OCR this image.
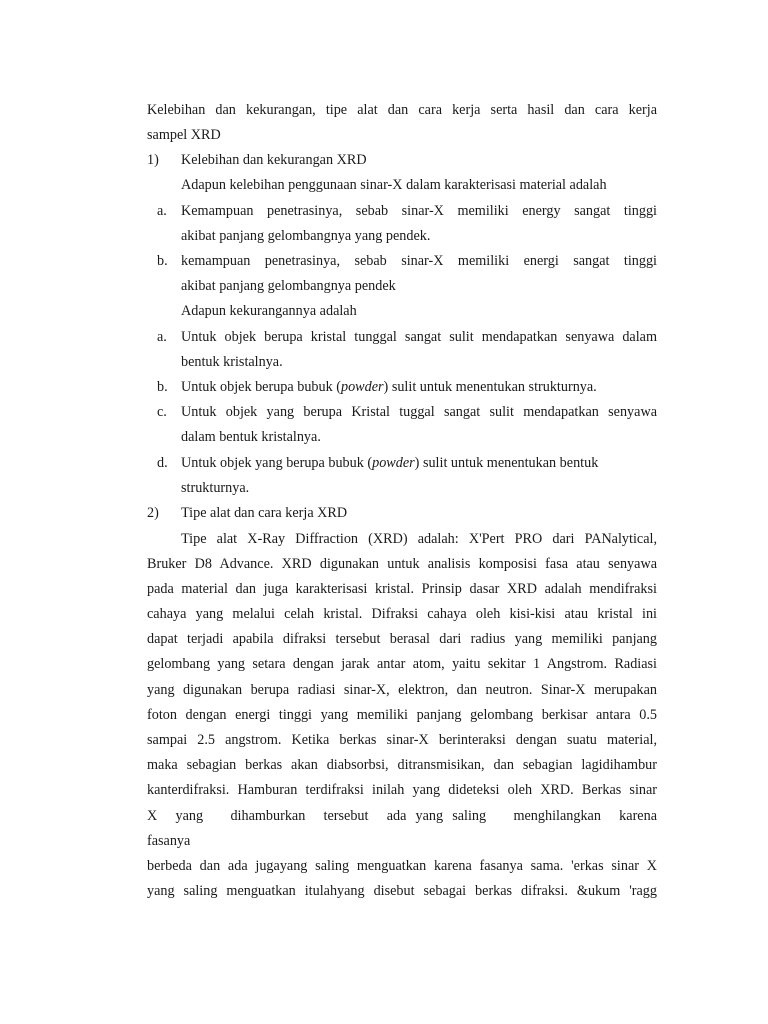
Kelebihan dan kekurangan, tipe alat dan cara kerja serta hasil dan cara kerja
sampel XRD
1) Kelebihan dan kekurangan XRD
Adapun kelebihan penggunaan sinar-X dalam karakterisasi material adalah
a. Kemampuan penetrasinya, sebab sinar-X memiliki energy sangat tinggi
akibat panjang gelombangnya yang pendek.
b. kemampuan penetrasinya, sebab sinar-X memiliki energi sangat tinggi
akibat panjang gelombangnya pendek
Adapun kekurangannya adalah
a. Untuk objek berupa kristal tunggal sangat sulit mendapatkan senyawa dalam
bentuk kristalnya.
b. Untuk objek berupa bubuk (powder) sulit untuk menentukan strukturnya.
c. Untuk objek yang berupa Kristal tuggal sangat sulit mendapatkan senyawa
dalam bentuk kristalnya.
d. Untuk objek yang berupa bubuk (powder) sulit untuk menentukan bentuk
strukturnya.
2) Tipe alat dan cara kerja XRD
Tipe alat X-Ray Diffraction (XRD) adalah: X'Pert PRO dari PANalytical,
Bruker D8 Advance. XRD digunakan untuk analisis komposisi fasa atau senyawa
pada material dan juga karakterisasi kristal. Prinsip dasar XRD adalah mendifraksi
cahaya yang melalui celah kristal. Difraksi cahaya oleh kisi-kisi atau kristal ini
dapat terjadi apabila difraksi tersebut berasal dari radius yang memiliki panjang
gelombang yang setara dengan jarak antar atom, yaitu sekitar 1 Angstrom. Radiasi
yang digunakan berupa radiasi sinar-X, elektron, dan neutron. Sinar-X merupakan
foton dengan energi tinggi yang memiliki panjang gelombang berkisar antara 0.5
sampai 2.5 angstrom. Ketika berkas sinar-X berinteraksi dengan suatu material,
maka sebagian berkas akan diabsorbsi, ditransmisikan, dan sebagian lagidihambur
kanterdifraksi. Hamburan terdifraksi inilah yang dideteksi oleh XRD. Berkas sinar
X  yang   dihamburkan  tersebut  ada yang saling   menghilangkan  karena
fasanya
berbeda dan ada jugayang saling menguatkan karena fasanya sama. 'erkas sinar X
yang saling menguatkan itulahyang disebut sebagai berkas difraksi. &ukum 'ragg
